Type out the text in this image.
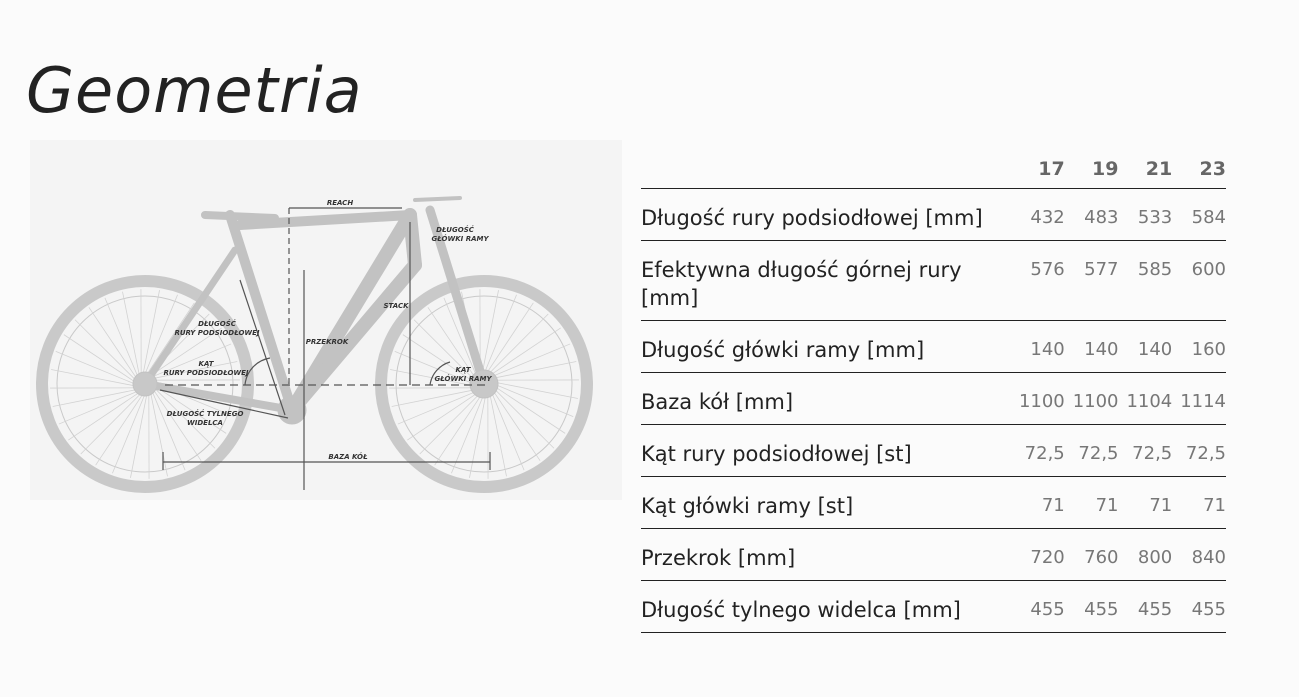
Geometria
REACH
DŁUGOŚĆ
GŁÓWKI RAMY
STACK
DŁUGOŚĆ
RURY PODSIODŁOWEJ
PRZEKROK
KĄT
RURY PODSIODŁOWEJ	KĄT
GŁÓWKI RAMY
DŁUGOŚĆ TYLNEGO
WIDELCA
BAZA KÓŁ
	17	19	21	23
Długość rury podsiodłowej [mm]	432	483	533	584
Efektywna długość górnej rury [mm]	576	577	585	600
Długość główki ramy [mm]	140	140	140	160
Baza kół [mm]	1100	1100	1104	1114
Kąt rury podsiodłowej [st]	72,5	72,5	72,5	72,5
Kąt główki ramy [st]	71	71	71	71
Przekrok [mm]	720	760	800	840
Długość tylnego widelca [mm]	455	455	455	455
